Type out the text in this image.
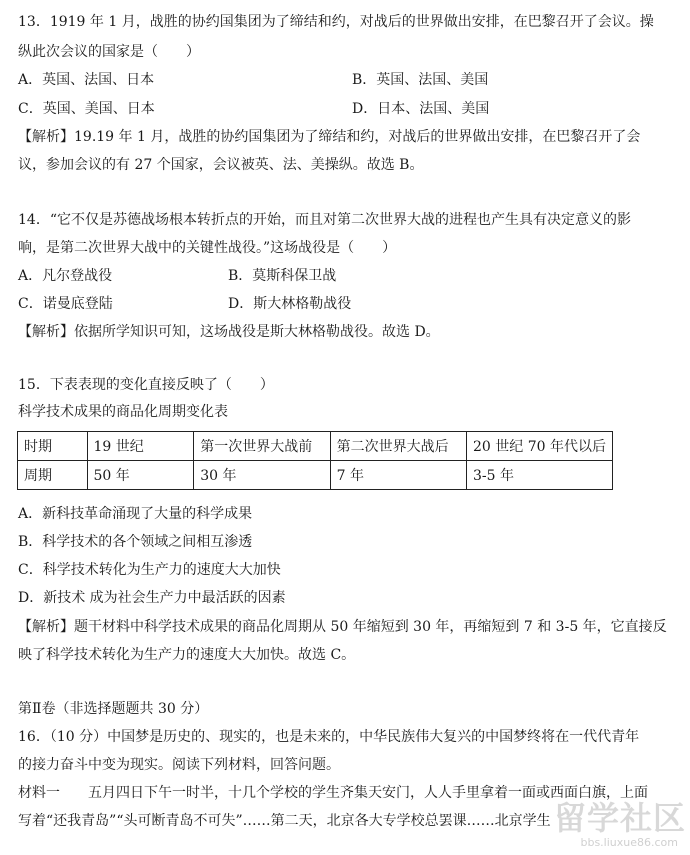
13．1919 年 1 月，战胜的协约国集团为了缔结和约，对战后的世界做出安排，在巴黎召开了会议。操
纵此次会议的国家是（　　）
A．英国、法国、日本	B．英国、法国、美国
C．英国、美国、日本	D．日本、法国、美国
【解析】19.19 年 1 月，战胜的协约国集团为了缔结和约，对战后的世界做出安排，在巴黎召开了会
议，参加会议的有 27 个国家，会议被英、法、美操纵。故选 B。
14．“它不仅是苏德战场根本转折点的开始，而且对第二次世界大战的进程也产生具有决定意义的影
响，是第二次世界大战中的关键性战役。”这场战役是（　　）
A．凡尔登战役	B．莫斯科保卫战
C．诺曼底登陆	D．斯大林格勒战役
【解析】依据所学知识可知，这场战役是斯大林格勒战役。故选 D。
15．下表表现的变化直接反映了（　　）
科学技术成果的商品化周期变化表
时期	19 世纪	第一次世界大战前	第二次世界大战后	20 世纪 70 年代以后
周期	50 年	30 年	7 年	3-5 年
A．新科技革命涌现了大量的科学成果
B．科学技术的各个领域之间相互渗透
C．科学技术转化为生产力的速度大大加快
D．新技术 成为社会生产力中最活跃的因素
【解析】题干材料中科学技术成果的商品化周期从 50 年缩短到 30 年，再缩短到 7 和 3-5 年，它直接反
映了科学技术转化为生产力的速度大大加快。故选 C。
第Ⅱ卷（非选择题题共 30 分）
16．（10 分）中国梦是历史的、现实的，也是未来的，中华民族伟大复兴的中国梦终将在一代代青年
的接力奋斗中变为现实。阅读下列材料，回答问题。
材料一　　五月四日下午一时半，十几个学校的学生齐集天安门，人人手里拿着一面或西面白旗，上面
写着“还我青岛”“头可断青岛不可失”……第二天，北京各大专学校总罢课……北京学生 留学社区
bbs.liuxue86.com
